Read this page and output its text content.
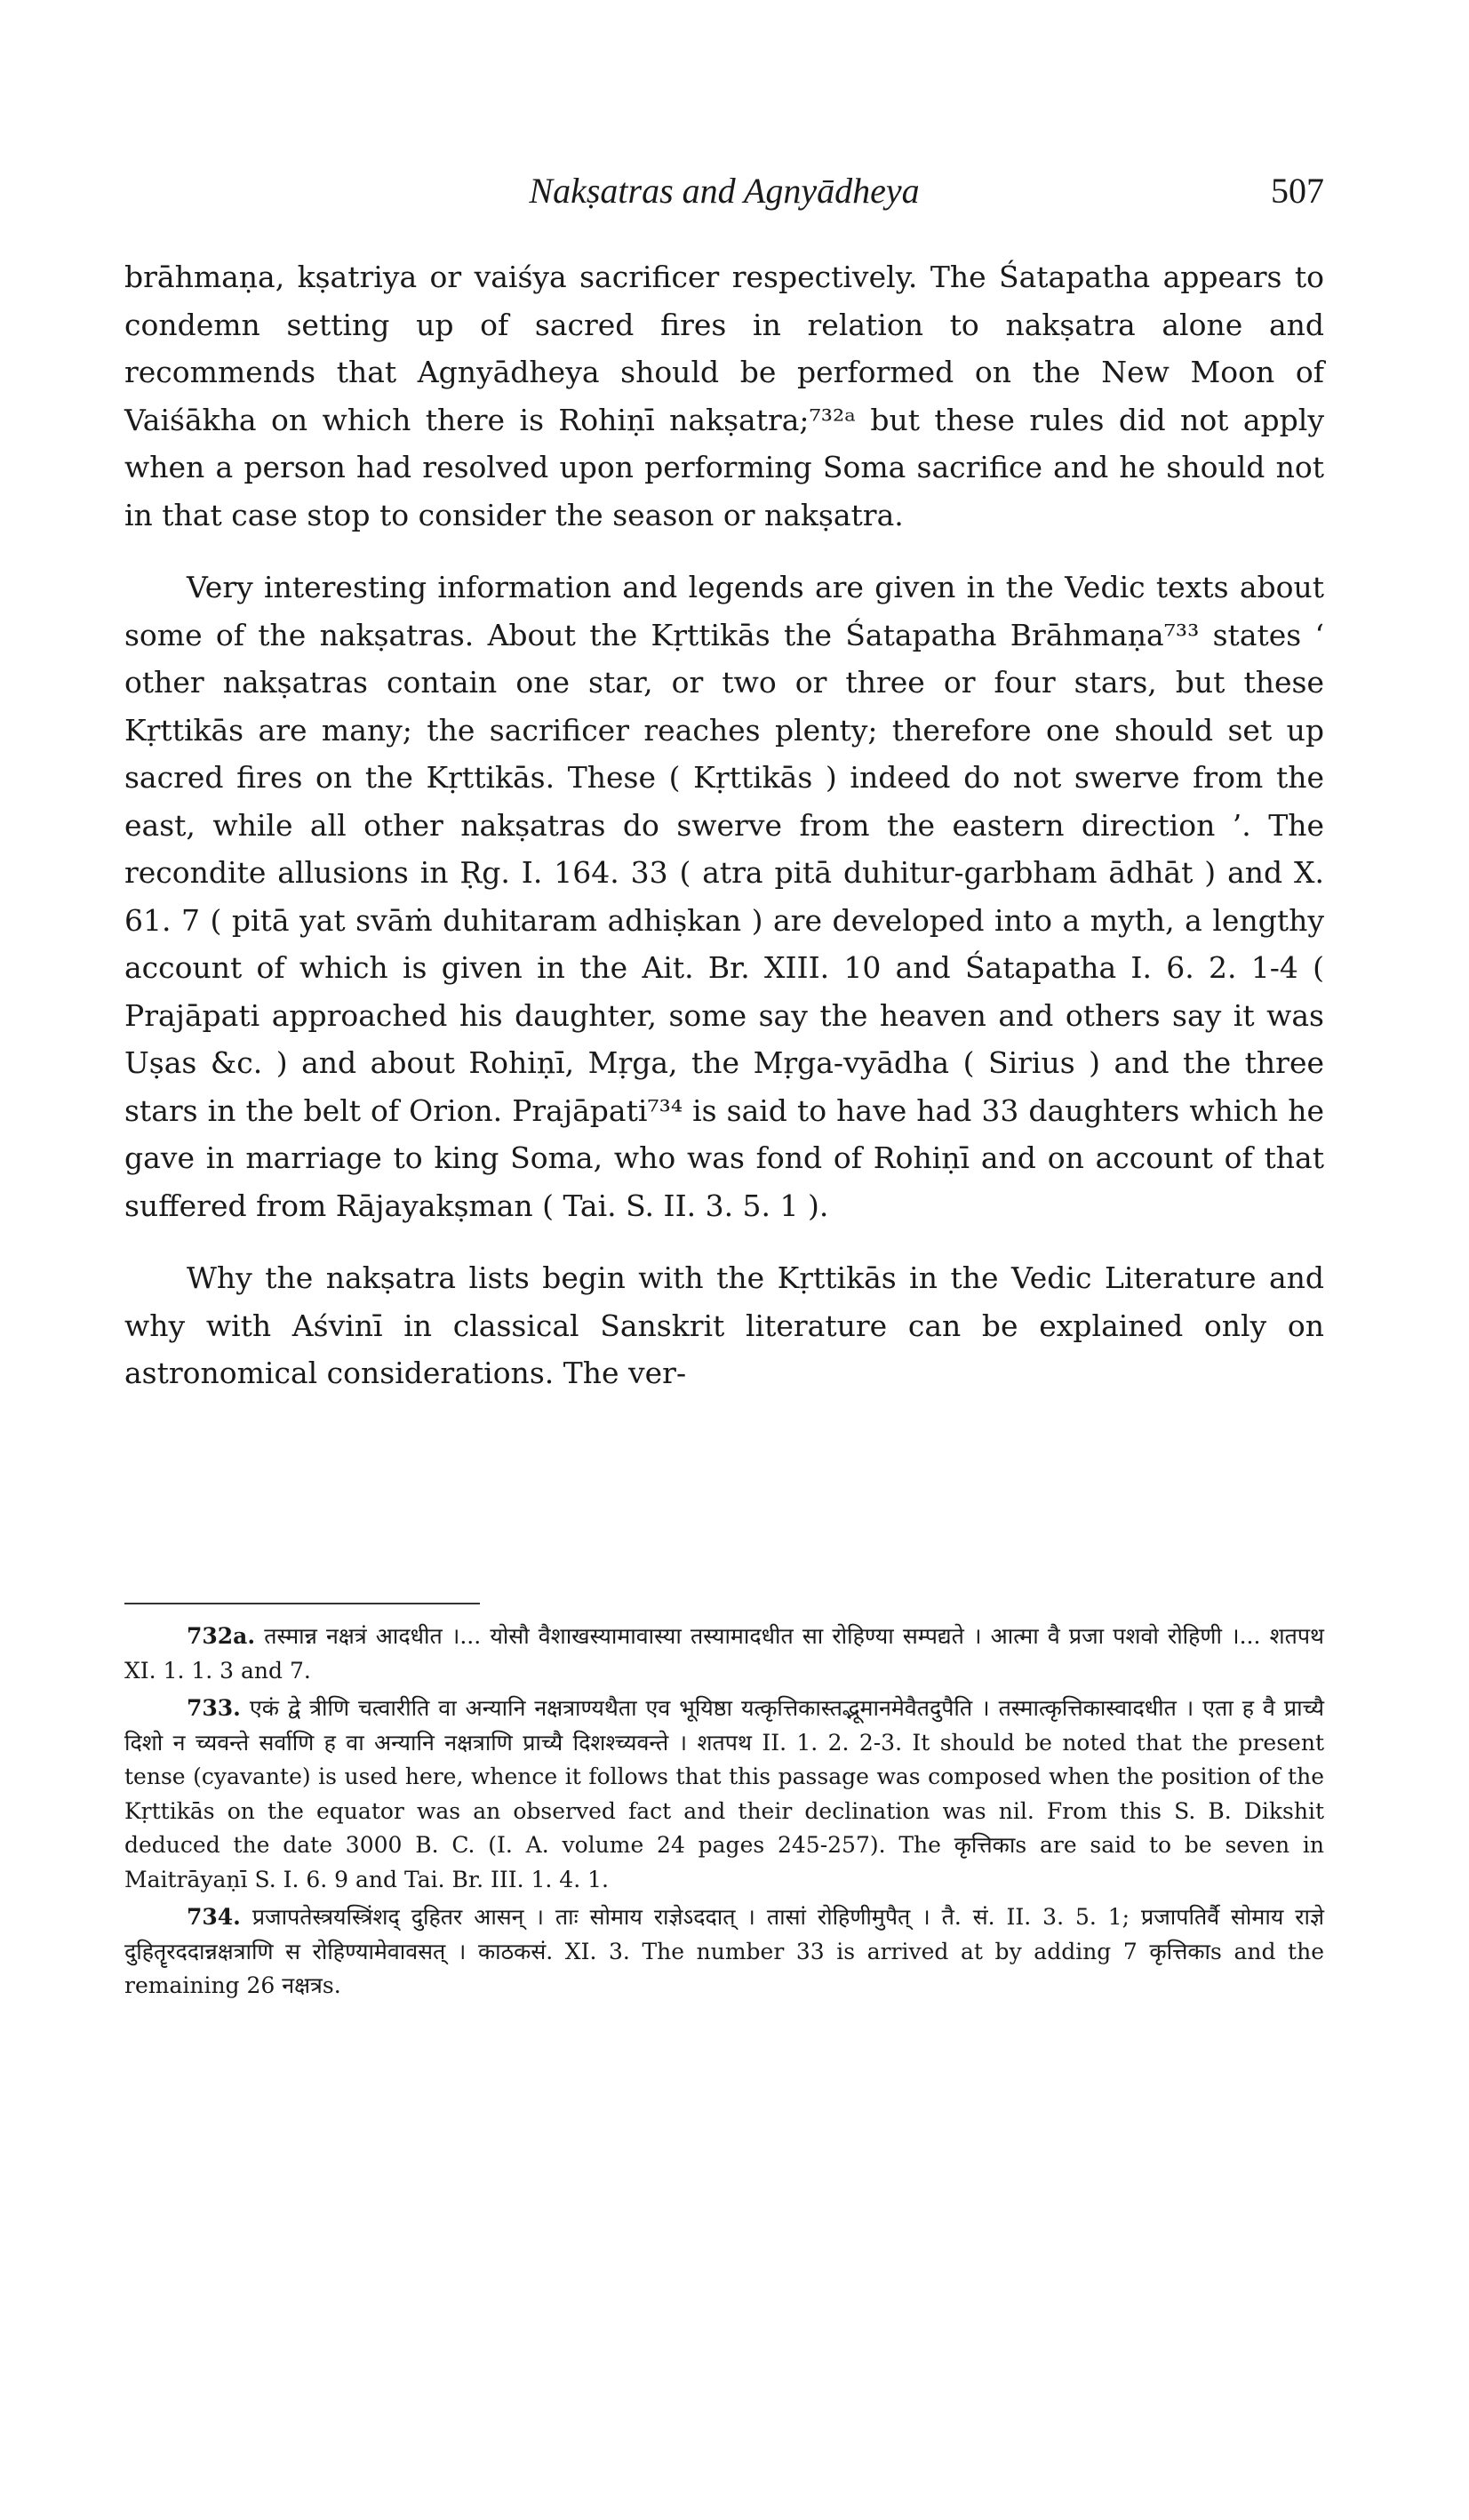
Nakṣatras and Agnyādheya	507

brāhmaṇa, kṣatriya or vaiśya sacrificer respectively. The Śatapatha appears to condemn setting up of sacred fires in relation to nakṣatra alone and recommends that Agnyādheya should be performed on the New Moon of Vaiśākha on which there is Rohiṇī nakṣatra;⁷³²ᵃ but these rules did not apply when a person had resolved upon performing Soma sacrifice and he should not in that case stop to consider the season or nakṣatra.

Very interesting information and legends are given in the Vedic texts about some of the nakṣatras. About the Kṛttikās the Śatapatha Brāhmaṇa⁷³³ states ‘ other nakṣatras contain one star, or two or three or four stars, but these Kṛttikās are many; the sacrificer reaches plenty; therefore one should set up sacred fires on the Kṛttikās. These ( Kṛttikās ) indeed do not swerve from the east, while all other nakṣatras do swerve from the eastern direction ’. The recondite allusions in Ṛg. I. 164. 33 ( atra pitā duhitur-garbham ādhāt ) and X. 61. 7 ( pitā yat svāṁ duhitaram adhiṣkan ) are developed into a myth, a lengthy account of which is given in the Ait. Br. XIII. 10 and Śatapatha I. 6. 2. 1-4 ( Prajāpati approached his daughter, some say the heaven and others say it was Uṣas &c. ) and about Rohiṇī, Mṛga, the Mṛga-vyādha ( Sirius ) and the three stars in the belt of Orion. Prajāpati⁷³⁴ is said to have had 33 daughters which he gave in marriage to king Soma, who was fond of Rohiṇī and on account of that suffered from Rājayakṣman ( Tai. S. II. 3. 5. 1 ).

Why the nakṣatra lists begin with the Kṛttikās in the Vedic Literature and why with Aśvinī in classical Sanskrit literature can be explained only on astronomical considerations. The ver-

732a. तस्मान्न नक्षत्रं आदधीत ।... योसौ वैशाखस्यामावास्या तस्यामादधीत सा रोहिण्या सम्पद्यते । आत्मा वै प्रजा पशवो रोहिणी ।... शतपथ XI. 1. 1. 3 and 7.

733. एकं द्वे त्रीणि चत्वारीति वा अन्यानि नक्षत्राण्यथैता एव भूयिष्ठा यत्कृत्तिकास्तद्भूमानमेवैतदुपैति । तस्मात्कृत्तिकास्वादधीत । एता ह वै प्राच्यै दिशो न च्यवन्ते सर्वाणि ह वा अन्यानि नक्षत्राणि प्राच्यै दिशश्च्यवन्ते । शतपथ II. 1. 2. 2-3. It should be noted that the present tense (cyavante) is used here, whence it follows that this passage was composed when the position of the Kṛttikās on the equator was an observed fact and their declination was nil. From this S. B. Dikshit deduced the date 3000 B. C. (I. A. volume 24 pages 245-257). The कृत्तिकाs are said to be seven in Maitrāyaṇī S. I. 6. 9 and Tai. Br. III. 1. 4. 1.

734. प्रजापतेस्त्रयस्त्रिंशद् दुहितर आसन् । ताः सोमाय राज्ञेऽददात् । तासां रोहिणीमुपैत् । तै. सं. II. 3. 5. 1; प्रजापतिर्वै सोमाय राज्ञे दुहितॄरददान्नक्षत्राणि स रोहिण्यामेवावसत् । काठकसं. XI. 3. The number 33 is arrived at by adding 7 कृत्तिकाs and the remaining 26 नक्षत्रs.
